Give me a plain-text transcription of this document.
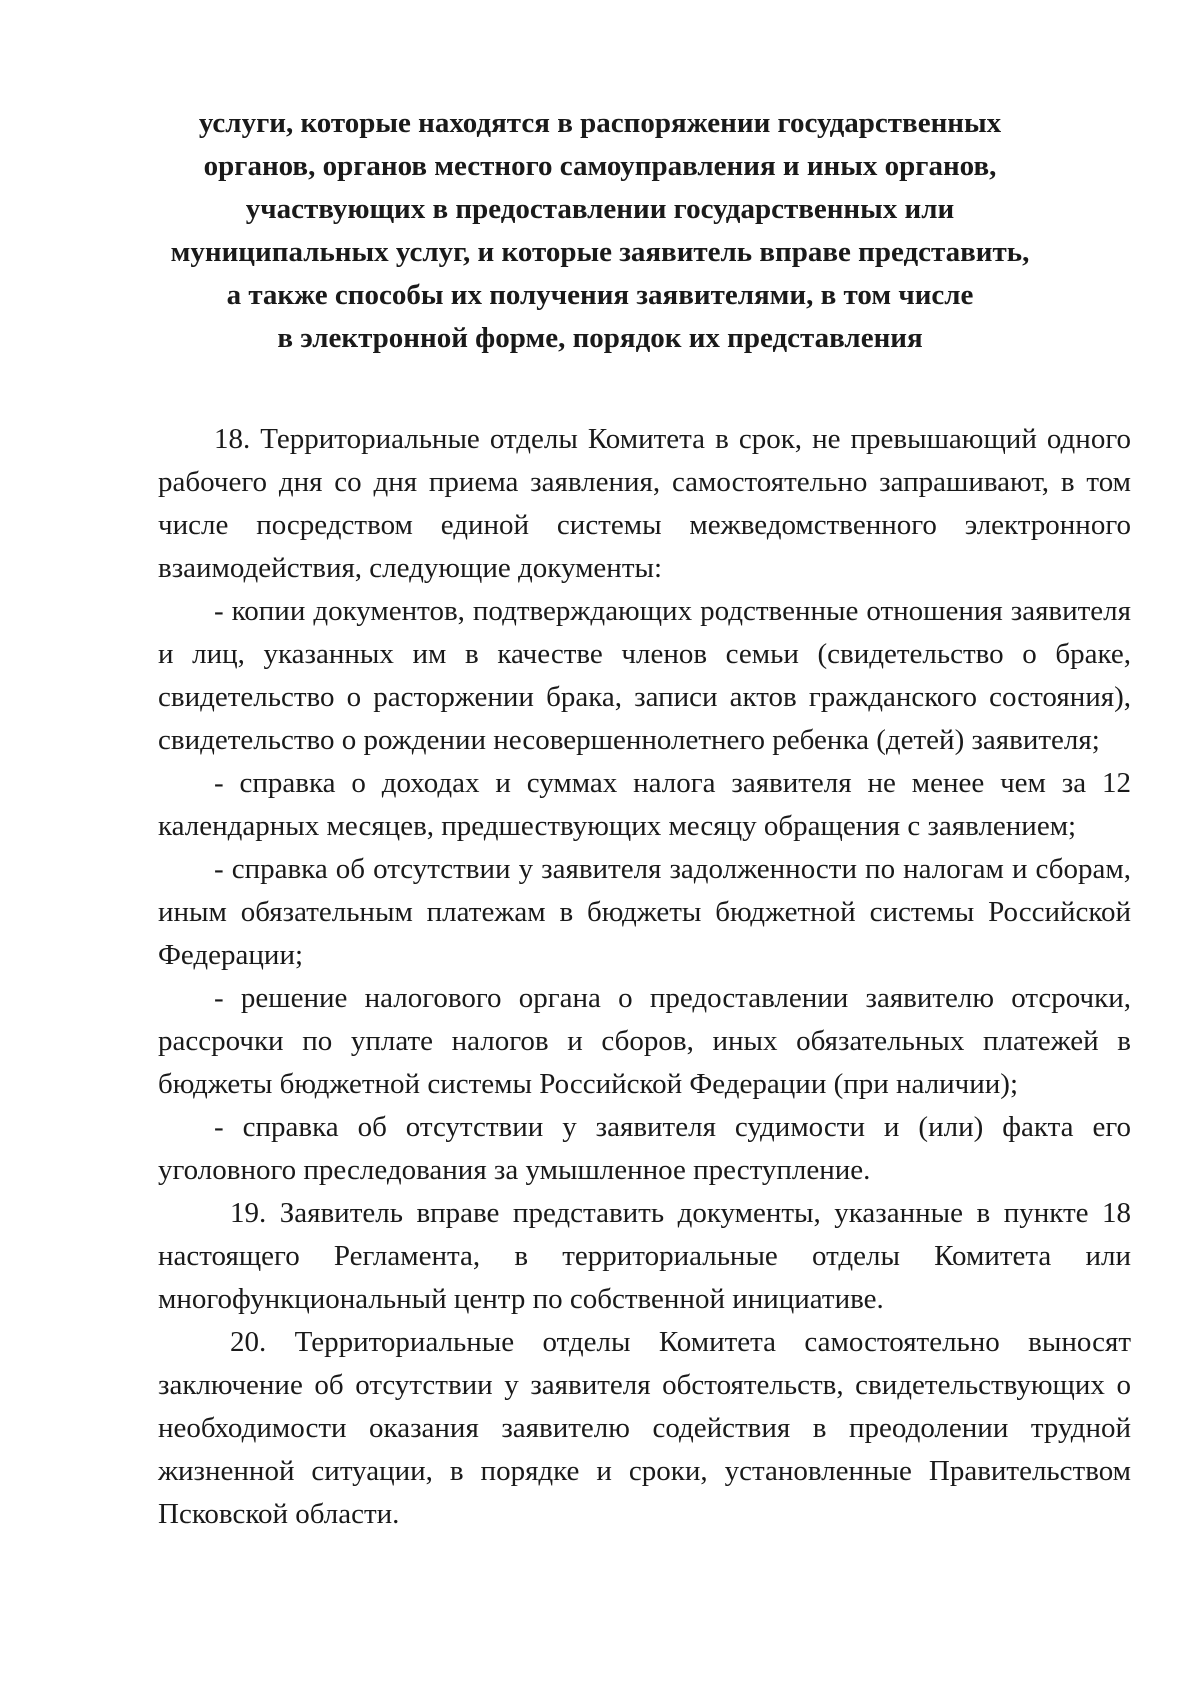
услуги, которые находятся в распоряжении государственных
органов, органов местного самоуправления и иных органов,
участвующих в предоставлении государственных или
муниципальных услуг, и которые заявитель вправе представить,
а также способы их получения заявителями, в том числе
в электронной форме, порядок их представления

18. Территориальные отделы Комитета в срок, не превышающий одного рабочего дня со дня приема заявления, самостоятельно запрашивают, в том числе посредством единой системы межведомственного электронного взаимодействия, следующие документы:

- копии документов, подтверждающих родственные отношения заявителя и лиц, указанных им в качестве членов семьи (свидетельство о браке, свидетельство о расторжении брака, записи актов гражданского состояния), свидетельство о рождении несовершеннолетнего ребенка (детей) заявителя;

- справка о доходах и суммах налога заявителя не менее чем за 12 календарных месяцев, предшествующих месяцу обращения с заявлением;

- справка об отсутствии у заявителя задолженности по налогам и сборам, иным обязательным платежам в бюджеты бюджетной системы Российской Федерации;

- решение налогового органа о предоставлении заявителю отсрочки, рассрочки по уплате налогов и сборов, иных обязательных платежей в бюджеты бюджетной системы Российской Федерации (при наличии);

- справка об отсутствии у заявителя судимости и (или) факта его уголовного преследования за умышленное преступление.

19. Заявитель вправе представить документы, указанные в пункте 18 настоящего Регламента, в территориальные отделы Комитета или многофункциональный центр по собственной инициативе.

20. Территориальные отделы Комитета самостоятельно выносят заключение об отсутствии у заявителя обстоятельств, свидетельствующих о необходимости оказания заявителю содействия в преодолении трудной жизненной ситуации, в порядке и сроки, установленные Правительством Псковской области.
